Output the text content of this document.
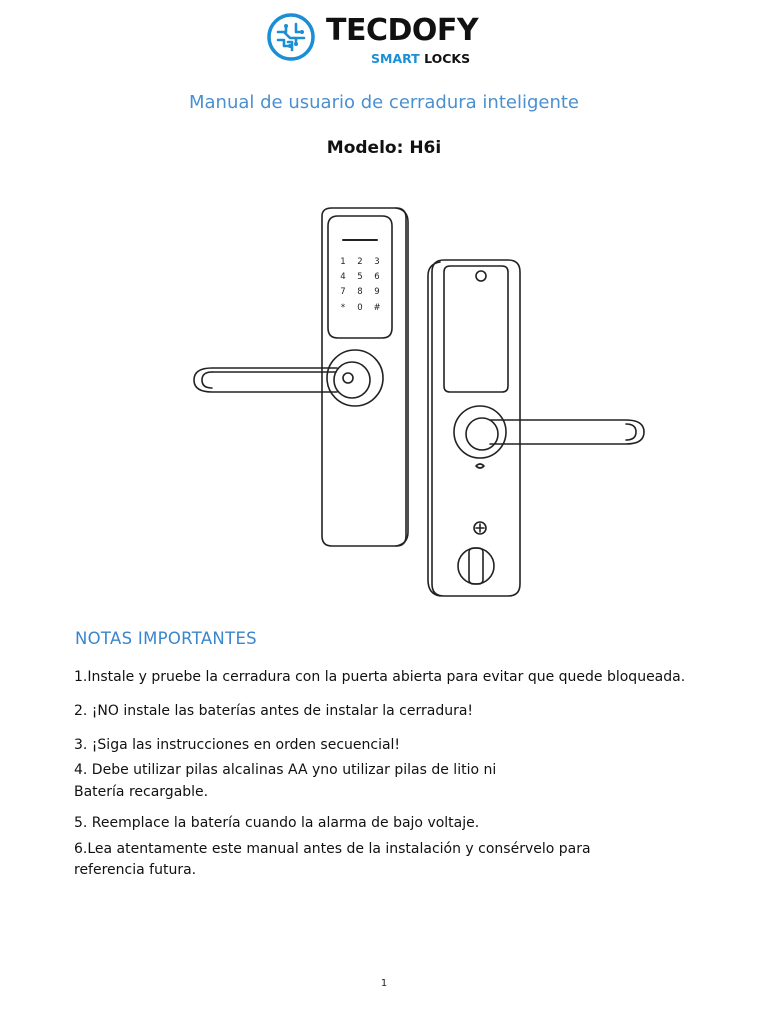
TECDOFY
SMART LOCKS
Manual de usuario de cerradura inteligente
Modelo: H6i
1 2 3
4 5 6
7 8 9
* 0 #
NOTAS IMPORTANTES
1.Instale y pruebe la cerradura con la puerta abierta para evitar que quede bloqueada.
2. ¡NO instale las baterías antes de instalar la cerradura!
3. ¡Siga las instrucciones en orden secuencial!
4. Debe utilizar pilas alcalinas AA yno utilizar pilas de litio ni
Batería recargable.
5. Reemplace la batería cuando la alarma de bajo voltaje.
6.Lea atentamente este manual antes de la instalación y consérvelo para
referencia futura.
1
